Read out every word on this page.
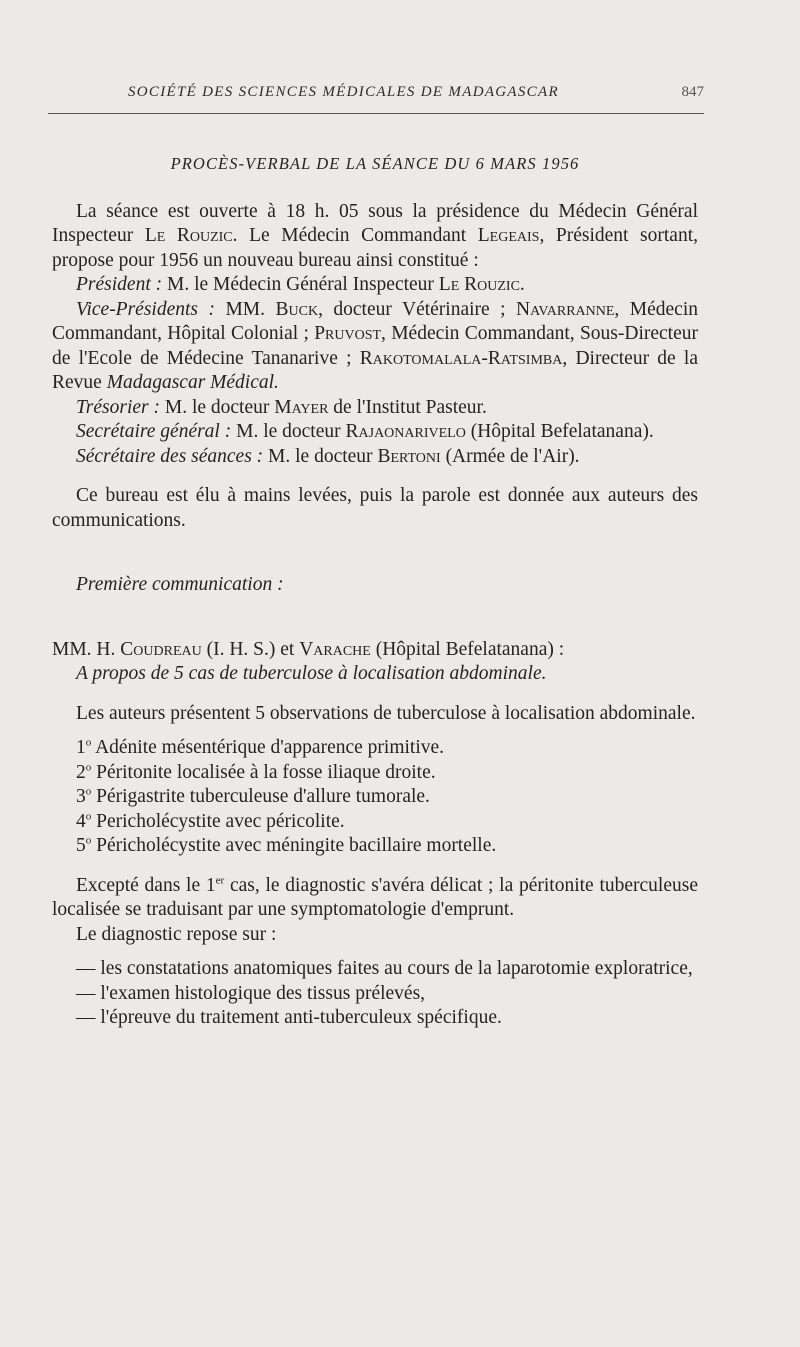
SOCIÉTÉ DES SCIENCES MÉDICALES DE MADAGASCAR	847

PROCÈS-VERBAL DE LA SÉANCE DU 6 MARS 1956

La séance est ouverte à 18 h. 05 sous la présidence du Médecin Général Inspecteur Le Rouzic. Le Médecin Commandant Legeais, Président sortant, propose pour 1956 un nouveau bureau ainsi constitué :

Président : M. le Médecin Général Inspecteur Le Rouzic.

Vice-Présidents : MM. Buck, docteur Vétérinaire ; Navarranne, Médecin Commandant, Hôpital Colonial ; Pruvost, Médecin Commandant, Sous-Directeur de l'Ecole de Médecine Tananarive ; Rakotomalala-Ratsimba, Directeur de la Revue Madagascar Médical.

Trésorier : M. le docteur Mayer de l'Institut Pasteur.

Secrétaire général : M. le docteur Rajaonarivelo (Hôpital Befelatanana).

Sécrétaire des séances : M. le docteur Bertoni (Armée de l'Air).

Ce bureau est élu à mains levées, puis la parole est donnée aux auteurs des communications.

Première communication :

MM. H. Coudreau (I. H. S.) et Varache (Hôpital Befelatanana) :

A propos de 5 cas de tuberculose à localisation abdominale.

Les auteurs présentent 5 observations de tuberculose à localisation abdominale.

1$^o$ Adénite mésentérique d'apparence primitive.

2$^o$ Péritonite localisée à la fosse iliaque droite.

3$^o$ Périgastrite tuberculeuse d'allure tumorale.

4$^o$ Pericholécystite avec péricolite.

5$^o$ Péricholécystite avec méningite bacillaire mortelle.

Excepté dans le 1er cas, le diagnostic s'avéra délicat ; la péritonite tuberculeuse localisée se traduisant par une symptomatologie d'emprunt.

Le diagnostic repose sur :

— les constatations anatomiques faites au cours de la laparotomie exploratrice,

— l'examen histologique des tissus prélevés,

— l'épreuve du traitement anti-tuberculeux spécifique.
